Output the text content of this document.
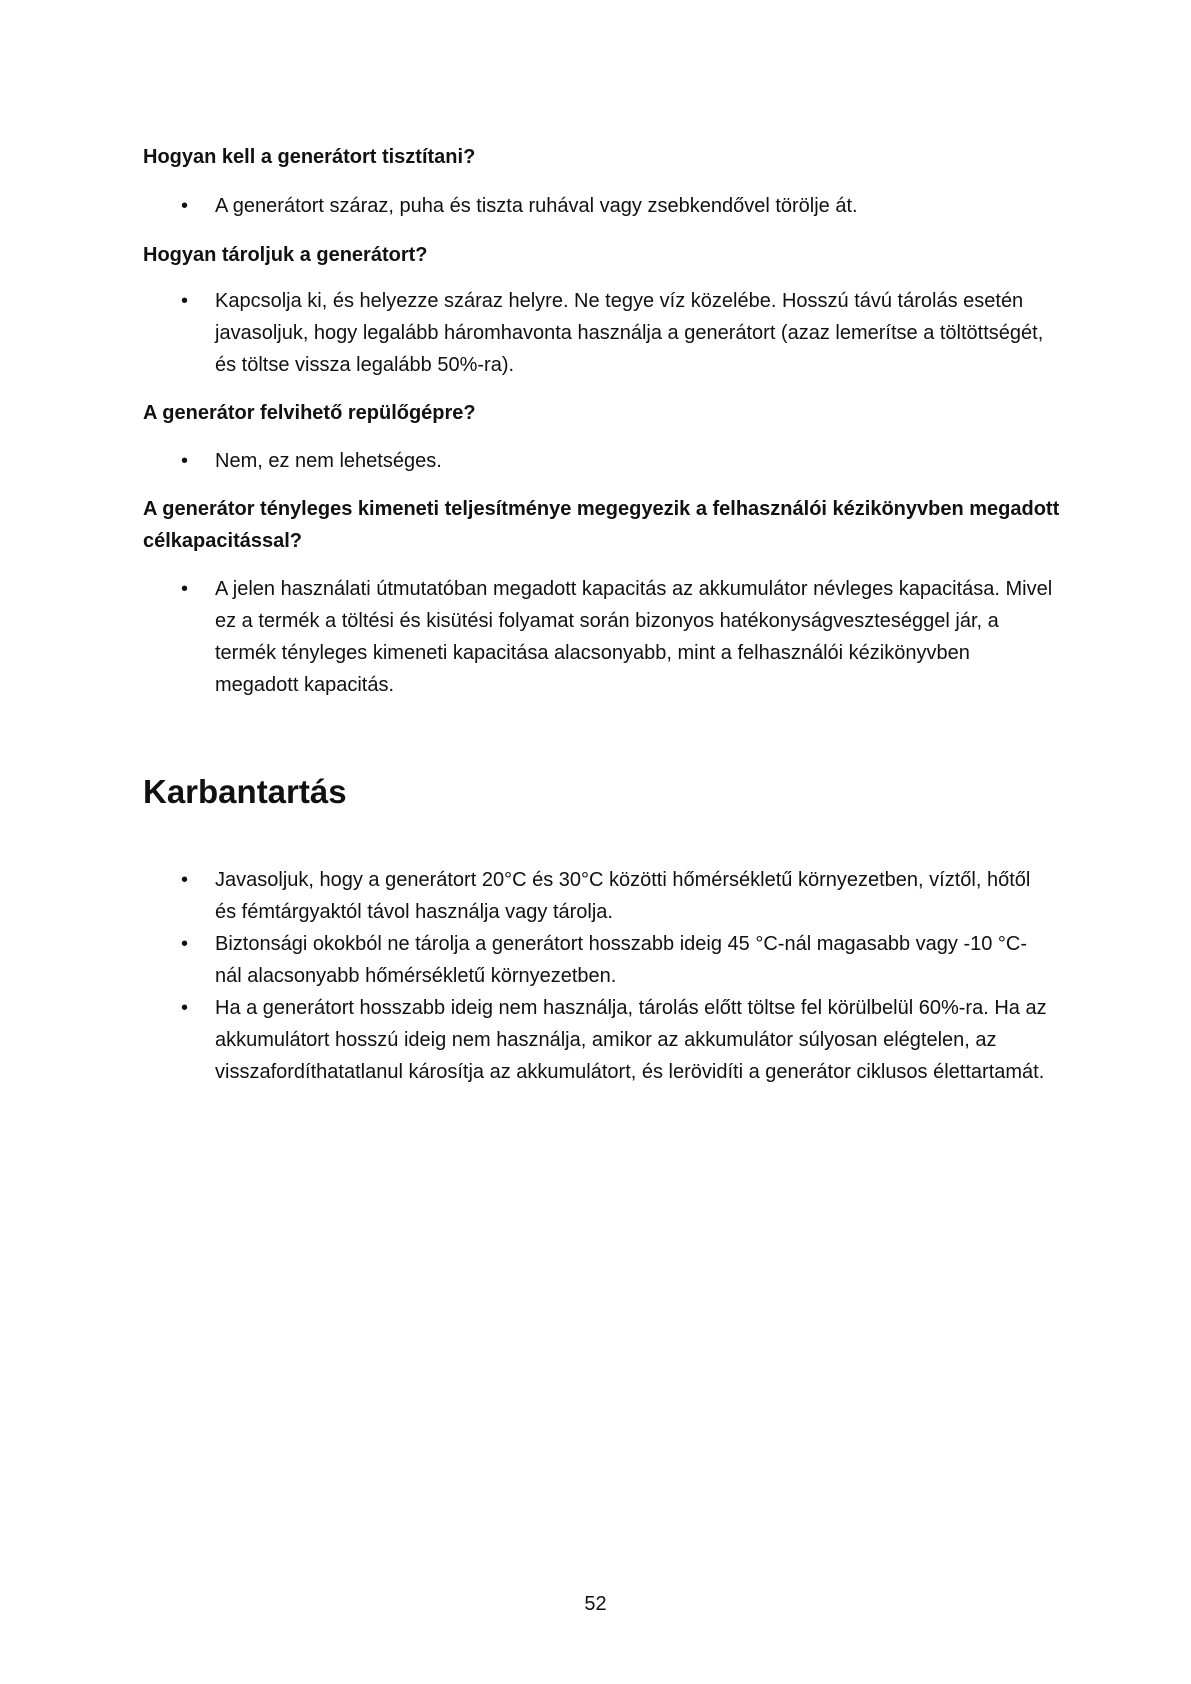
Hogyan kell a generátort tisztítani?

• A generátort száraz, puha és tiszta ruhával vagy zsebkendővel törölje át.

Hogyan tároljuk a generátort?

• Kapcsolja ki, és helyezze száraz helyre. Ne tegye víz közelébe. Hosszú távú tárolás esetén javasoljuk, hogy legalább háromhavonta használja a generátort (azaz lemerítse a töltöttségét, és töltse vissza legalább 50%-ra).

A generátor felvihető repülőgépre?

• Nem, ez nem lehetséges.

A generátor tényleges kimeneti teljesítménye megegyezik a felhasználói kézikönyvben megadott célkapacitással?

• A jelen használati útmutatóban megadott kapacitás az akkumulátor névleges kapacitása. Mivel ez a termék a töltési és kisütési folyamat során bizonyos hatékonyságveszteséggel jár, a termék tényleges kimeneti kapacitása alacsonyabb, mint a felhasználói kézikönyvben megadott kapacitás.
Karbantartás
• Javasoljuk, hogy a generátort 20°C és 30°C közötti hőmérsékletű környezetben, víztől, hőtől és fémtárgyaktól távol használja vagy tárolja.
• Biztonsági okokból ne tárolja a generátort hosszabb ideig 45 °C-nál magasabb vagy -10 °C-nál alacsonyabb hőmérsékletű környezetben.
• Ha a generátort hosszabb ideig nem használja, tárolás előtt töltse fel körülbelül 60%-ra. Ha az akkumulátort hosszú ideig nem használja, amikor az akkumulátor súlyosan elégtelen, az visszafordíthatatlanul károsítja az akkumulátort, és lerövidíti a generátor ciklusos élettartamát.
52
